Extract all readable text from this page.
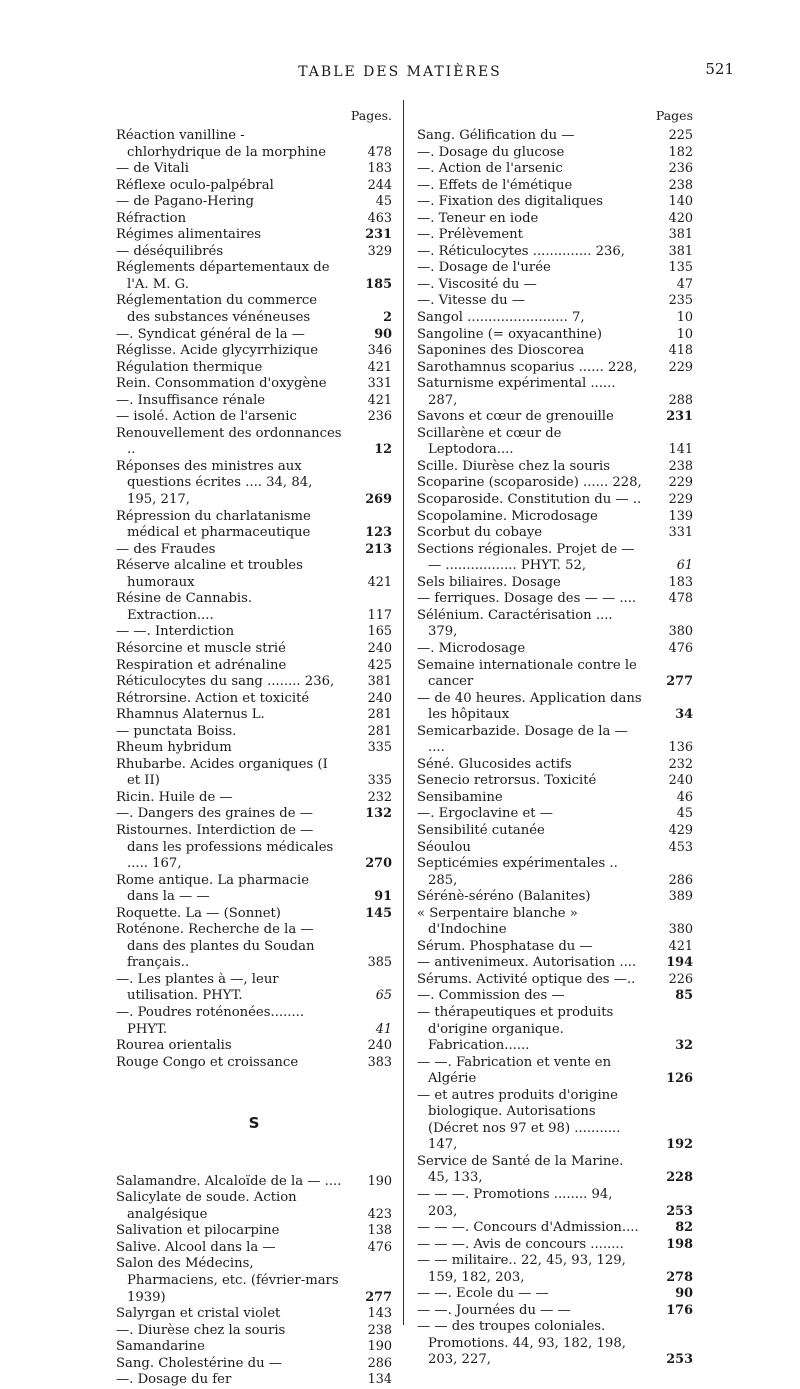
TABLE DES MATIÈRES	521
Pages.
Réaction vanilline - chlorhydrique de la morphine	478
— de Vitali	183
Réflexe oculo-palpébral	244
— de Pagano-Hering	45
Réfraction	463
Régimes alimentaires	231
— déséquilibrés	329
Réglements départementaux de l'A. M. G.	185
Réglementation du commerce des substances vénéneuses	2
—. Syndicat général de la —	90
Réglisse. Acide glycyrrhizique	346
Régulation thermique	421
Rein. Consommation d'oxygène	331
—. Insuffisance rénale	421
— isolé. Action de l'arsenic	236
Renouvellement des ordonnances ..	12
Réponses des ministres aux questions écrites .... 34, 84, 195, 217,	269
Répression du charlatanisme médical et pharmaceutique	123
— des Fraudes	213
Réserve alcaline et troubles humoraux	421
Résine de Cannabis. Extraction....	117
— —. Interdiction	165
Résorcine et muscle strié	240
Respiration et adrénaline	425
Réticulocytes du sang ........ 236,	381
Rétrorsine. Action et toxicité	240
Rhamnus Alaternus L.	281
— punctata Boiss.	281
Rheum hybridum	335
Rhubarbe. Acides organiques (I et II)	335
Ricin. Huile de —	232
—. Dangers des graines de —	132
Ristournes. Interdiction de — dans les professions médicales ..... 167,	270
Rome antique. La pharmacie dans la — —	91
Roquette. La — (Sonnet)	145
Roténone. Recherche de la — dans des plantes du Soudan français..	385
—. Les plantes à —, leur utilisation. PHYT.	65
—. Poudres roténonées........ PHYT.	41
Rourea orientalis	240
Rouge Congo et croissance	383
S
Salamandre. Alcaloïde de la — .... 190
Salicylate de soude. Action analgésique	423
Salivation et pilocarpine	138
Salive. Alcool dans la —	476
Salon des Médecins, Pharmaciens, etc. (février-mars 1939)	277
Salyrgan et cristal violet	143
—. Diurèse chez la souris	238
Samandarine	190
Sang. Cholestérine du —	286
—. Dosage du fer	134
Pages
Sang. Gélification du —	225
—. Dosage du glucose	182
—. Action de l'arsenic	236
—. Effets de l'émétique	238
—. Fixation des digitaliques	140
—. Teneur en iode	420
—. Prélèvement	381
—. Réticulocytes .............. 236,	381
—. Dosage de l'urée	135
—. Viscosité du —	47
—. Vitesse du —	235
Sangol ........................ 7,	10
Sangoline (= oxyacanthine)	10
Saponines des Dioscorea	418
Sarothamnus scoparius ...... 228, 229
Saturnisme expérimental ...... 287,	288
Savons et cœur de grenouille	231
Scillarène et cœur de Leptodora....	141
Scille. Diurèse chez la souris	238
Scoparine (scoparoside) ...... 228, 229
Scoparoside. Constitution du — .. 229
Scopolamine. Microdosage	139
Scorbut du cobaye	331
Sections régionales. Projet de — — ................. PHYT. 52,	61
Sels biliaires. Dosage	183
— ferriques. Dosage des — — ....	478
Sélénium. Caractérisation .... 379,	380
—. Microdosage	476
Semaine internationale contre le cancer	277
— de 40 heures. Application dans les hôpitaux	34
Semicarbazide. Dosage de la — ....	136
Séné. Glucosides actifs	232
Senecio retrorsus. Toxicité	240
Sensibamine	46
—. Ergoclavine et —	45
Sensibilité cutanée	429
Séoulou	453
Septicémies expérimentales .. 285,	286
Sérénè-séréno (Balanites)	389
« Serpentaire blanche » d'Indochine	380
Sérum. Phosphatase du —	421
— antivenimeux. Autorisation .... 194
Sérums. Activité optique des —..	226
—. Commission des —	85
— thérapeutiques et produits d'origine organique. Fabrication......	32
— —. Fabrication et vente en Algérie	126
— et autres produits d'origine biologique. Autorisations (Décret nos 97 et 98) ........... 147,	192
Service de Santé de la Marine. 45, 133,	228
— — —. Promotions ........ 94, 203,	253
— — —. Concours d'Admission....	82
— — —. Avis de concours ........	198
— — militaire.. 22, 45, 93, 129, 159, 182, 203,	278
— —. Ecole du — —	90
— —. Journées du — —	176
— — des troupes coloniales. Promotions. 44, 93, 182, 198, 203, 227,	253
